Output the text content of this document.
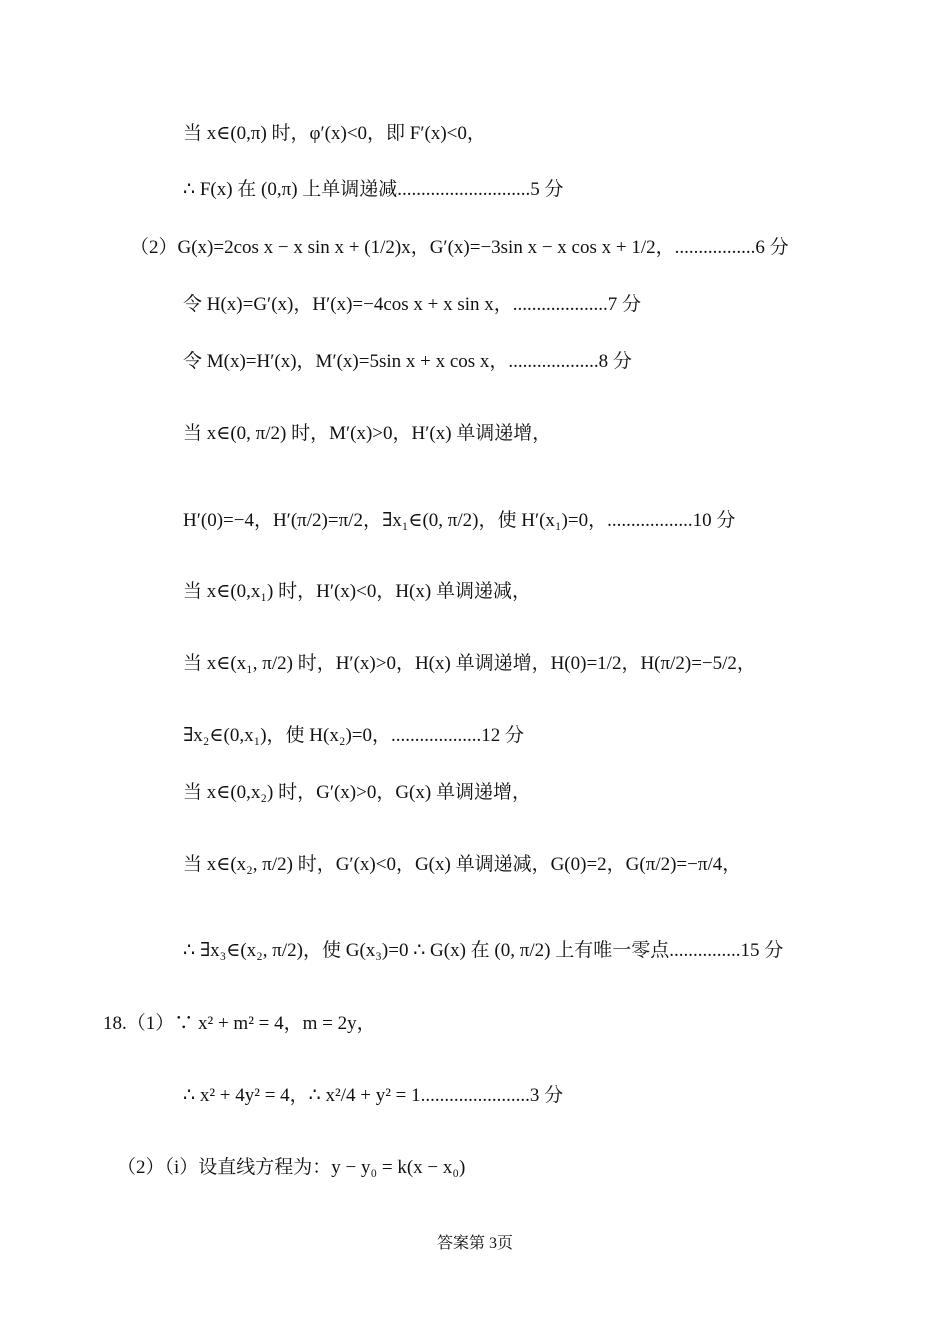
当 x∈(0,π) 时，φ′(x)<0，即 F′(x)<0，
∴ F(x) 在 (0,π) 上单调递减............................5 分
（2）G(x)=2cos x − x sin x + (1/2)x，G′(x)=−3sin x − x cos x + 1/2，.................6 分
令 H(x)=G′(x)，H′(x)=−4cos x + x sin x，....................7 分
令 M(x)=H′(x)，M′(x)=5sin x + x cos x，...................8 分
当 x∈(0, π/2) 时，M′(x)>0，H′(x) 单调递增，
H′(0)=−4，H′(π/2)=π/2，∃x₁∈(0, π/2)，使 H′(x₁)=0，..................10 分
当 x∈(0,x₁) 时，H′(x)<0，H(x) 单调递减，
当 x∈(x₁, π/2) 时，H′(x)>0，H(x) 单调递增，H(0)=1/2，H(π/2)=−5/2，
∃x₂∈(0,x₁)，使 H(x₂)=0，...................12 分
当 x∈(0,x₂) 时，G′(x)>0，G(x) 单调递增，
当 x∈(x₂, π/2) 时，G′(x)<0，G(x) 单调递减，G(0)=2，G(π/2)=−π/4，
∴ ∃x₃∈(x₂, π/2)，使 G(x₃)=0 ∴ G(x) 在 (0, π/2) 上有唯一零点...............15 分
18.（1）∵ x² + m² = 4，m = 2y，
∴ x² + 4y² = 4，∴ x²/4 + y² = 1.......................3 分
（2）（i）设直线方程为：y − y₀ = k(x − x₀)
答案第 3页
